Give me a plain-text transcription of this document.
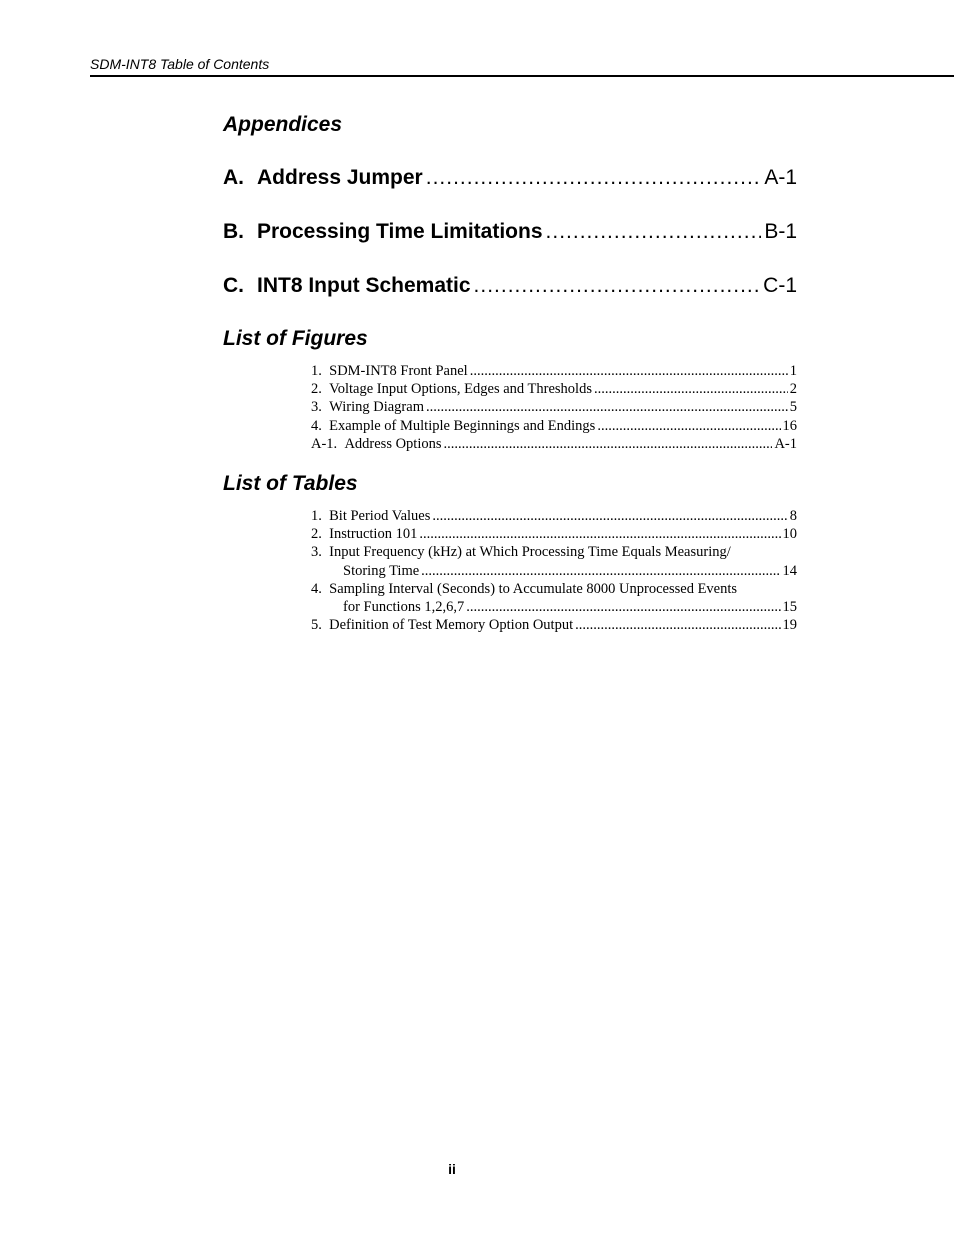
SDM-INT8 Table of Contents
Appendices
A. Address Jumper .....	A-1
B. Processing Time Limitations .....	B-1
C. INT8 Input Schematic .....	C-1
List of Figures
1.
SDM-INT8 Front Panel .....	1
2.
Voltage Input Options, Edges and Thresholds .....	2
3.
Wiring Diagram .....	5
4.
Example of Multiple Beginnings and Endings .....	16
A-1.
Address Options .....	A-1
List of Tables
1.
Bit Period Values .....	8
2.
Instruction 101 .....	10
3.
Input Frequency (kHz) at Which Processing Time Equals Measuring/
Storing Time .....	14
4.
Sampling Interval (Seconds) to Accumulate 8000 Unprocessed Events
for Functions 1,2,6,7 .....	15
5.
Definition of Test Memory Option Output .....	19
ii
